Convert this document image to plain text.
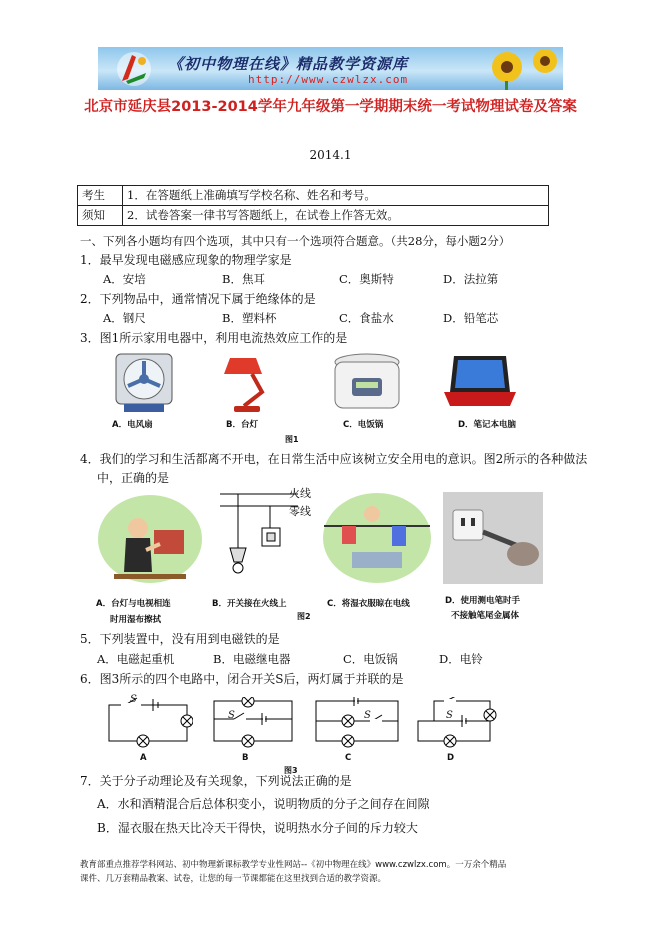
《初中物理在线》精品教学资源库
http://www.czwlzx.com
北京市延庆县2013-2014学年九年级第一学期期末统一考试物理试卷及答案
2014.1
考生	1．在答题纸上准确填写学校名称、姓名和考号。
须知	2．试卷答案一律书写答题纸上，在试卷上作答无效。
一、下列各小题均有四个选项，其中只有一个选项符合题意。（共28分，每小题2分）
1．最早发现电磁感应现象的物理学家是
A．安培	B．焦耳	C．奥斯特	D．法拉第
2．下列物品中，通常情况下属于绝缘体的是
A．钢尺	B．塑料杯	C．食盐水	D．铅笔芯
3．图1所示家用电器中，利用电流热效应工作的是
A．电风扇	B．台灯	C．电饭锅	D．笔记本电脑
图1
4．我们的学习和生活都离不开电，在日常生活中应该树立安全用电的意识。图2所示的各种做法
中，正确的是
火线
零线
A．台灯与电视相连
时用湿布擦拭
B．开关接在火线上	C．将湿衣服晾在电线	D．使用测电笔时手
不接触笔尾金属体
图2
5．下列装置中，没有用到电磁铁的是
A．电磁起重机	B．电磁继电器	C．电饭锅	D．电铃
6．图3所示的四个电路中，闭合开关S后，两灯属于并联的是
S
S	S	S
A	B	C	D
图3
7．关于分子动理论及有关现象，下列说法正确的是
A．水和酒精混合后总体积变小，说明物质的分子之间存在间隙
B．湿衣服在热天比冷天干得快，说明热水分子间的斥力较大
教育部重点推荐学科网站、初中物理新课标教学专业性网站--《初中物理在线》www.czwlzx.com。一万余个精品
课件、几万套精品教案、试卷，让您的每一节课都能在这里找到合适的教学资源。
